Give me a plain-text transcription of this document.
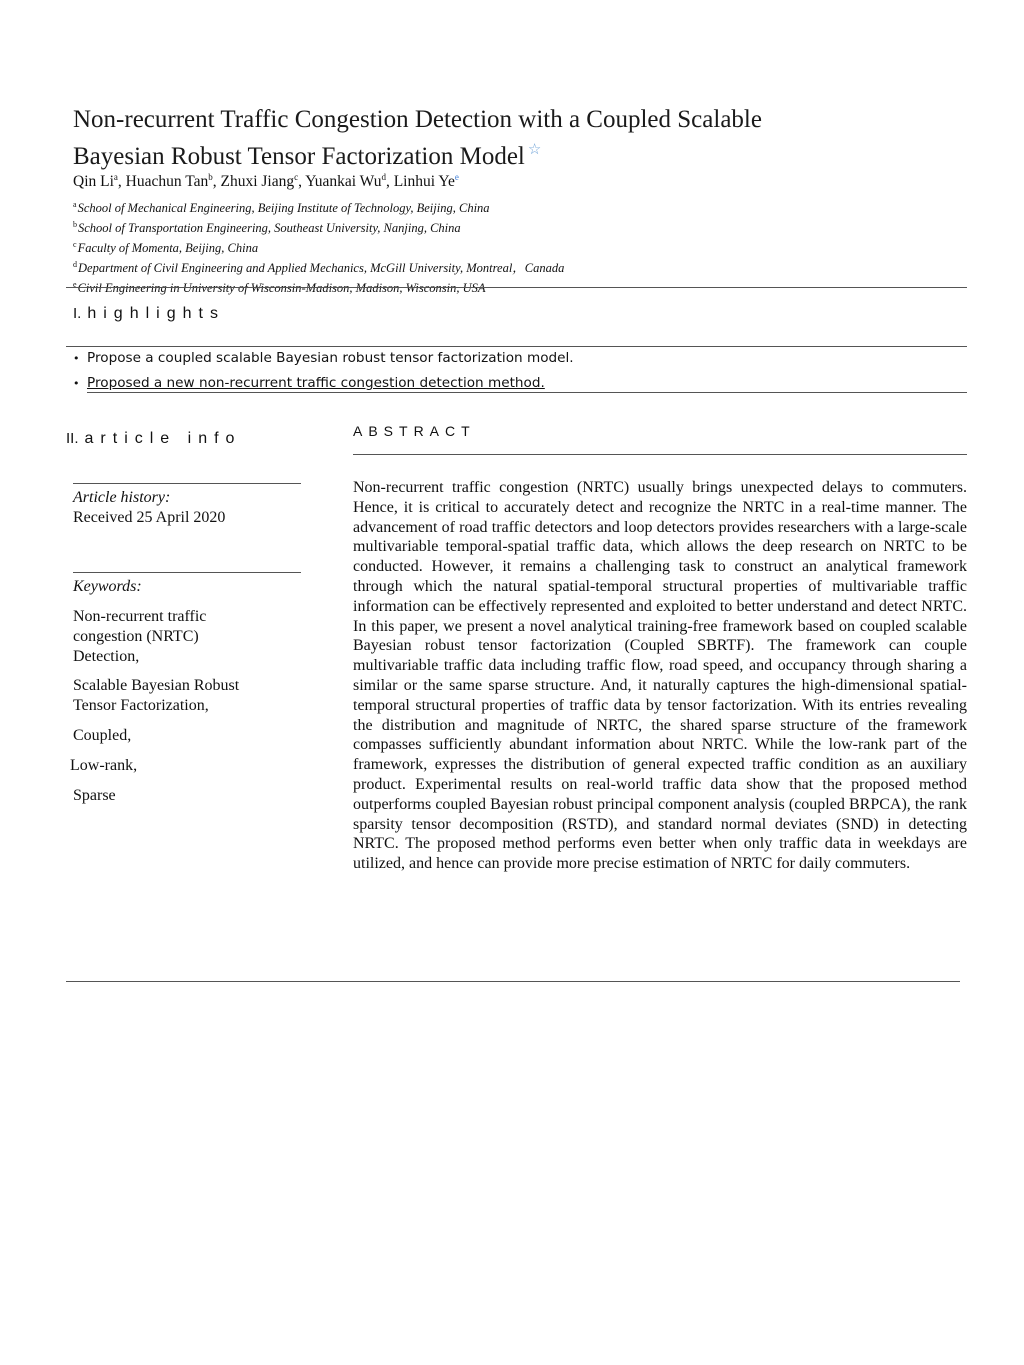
Non-recurrent Traffic Congestion Detection with a Coupled Scalable
Bayesian Robust Tensor Factorization Model ☆
Qin Li$^a$, Huachun Tan$^b$, Zhuxi Jiang$^c$, Yuankai Wu$^d$, Linhui Ye$^e$
$^a$School of Mechanical Engineering, Beijing Institute of Technology, Beijing, China
$^b$School of Transportation Engineering, Southeast University, Nanjing, China
$^c$Faculty of Momenta, Beijing, China
$^d$Department of Civil Engineering and Applied Mechanics, McGill University, Montreal，Canada
$^e$Civil Engineering in University of Wisconsin-Madison, Madison, Wisconsin, USA
I. highlights
• Propose a coupled scalable Bayesian robust tensor factorization model.
• Proposed a new non-recurrent traffic congestion detection method.
II. article info	ABSTRACT
Article history:
Received 25 April 2020
Keywords:
Non-recurrent traffic congestion (NRTC) Detection,
Scalable Bayesian Robust Tensor Factorization,
Coupled,
Low-rank,
Sparse

Non-recurrent traffic congestion (NRTC) usually brings unexpected delays to commuters. Hence, it is critical to accurately detect and recognize the NRTC in a real-time manner. The advancement of road traffic detectors and loop detectors provides researchers with a large-scale multivariable temporal-spatial traffic data, which allows the deep research on NRTC to be conducted. However, it remains a challenging task to construct an analytical framework through which the natural spatial-temporal structural properties of multivariable traffic information can be effectively represented and exploited to better understand and detect NRTC. In this paper, we present a novel analytical training-free framework based on coupled scalable Bayesian robust tensor factorization (Coupled SBRTF). The framework can couple multivariable traffic data including traffic flow, road speed, and occupancy through sharing a similar or the same sparse structure. And, it naturally captures the high-dimensional spatial-temporal structural properties of traffic data by tensor factorization. With its entries revealing the distribution and magnitude of NRTC, the shared sparse structure of the framework compasses sufficiently abundant information about NRTC. While the low-rank part of the framework, expresses the distribution of general expected traffic condition as an auxiliary product. Experimental results on real-world traffic data show that the proposed method outperforms coupled Bayesian robust principal component analysis (coupled BRPCA), the rank sparsity tensor decomposition (RSTD), and standard normal deviates (SND) in detecting NRTC. The proposed method performs even better when only traffic data in weekdays are utilized, and hence can provide more precise estimation of NRTC for daily commuters.
